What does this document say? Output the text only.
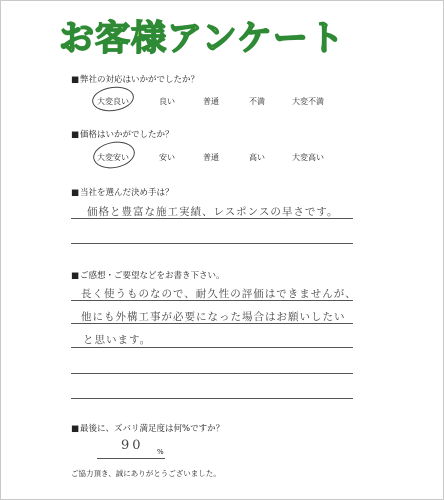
お客様アンケート
■弊社の対応はいかがでしたか？
大変良い	良い	普通	不満	大変不満
■価格はいかがでしたか？
大変安い	安い	普通	高い	大変高い
■当社を選んだ決め手は？
価格と豊富な施工実績、レスポンスの早さです。
■ご感想・ご要望などをお書き下さい。
長く使うものなので、耐久性の評価はできませんが、
他にも外構工事が必要になった場合はお願いしたい
と思います。
■最後に、ズバリ満足度は何%ですか？
90 %
ご協力頂き、誠にありがとうございました。
